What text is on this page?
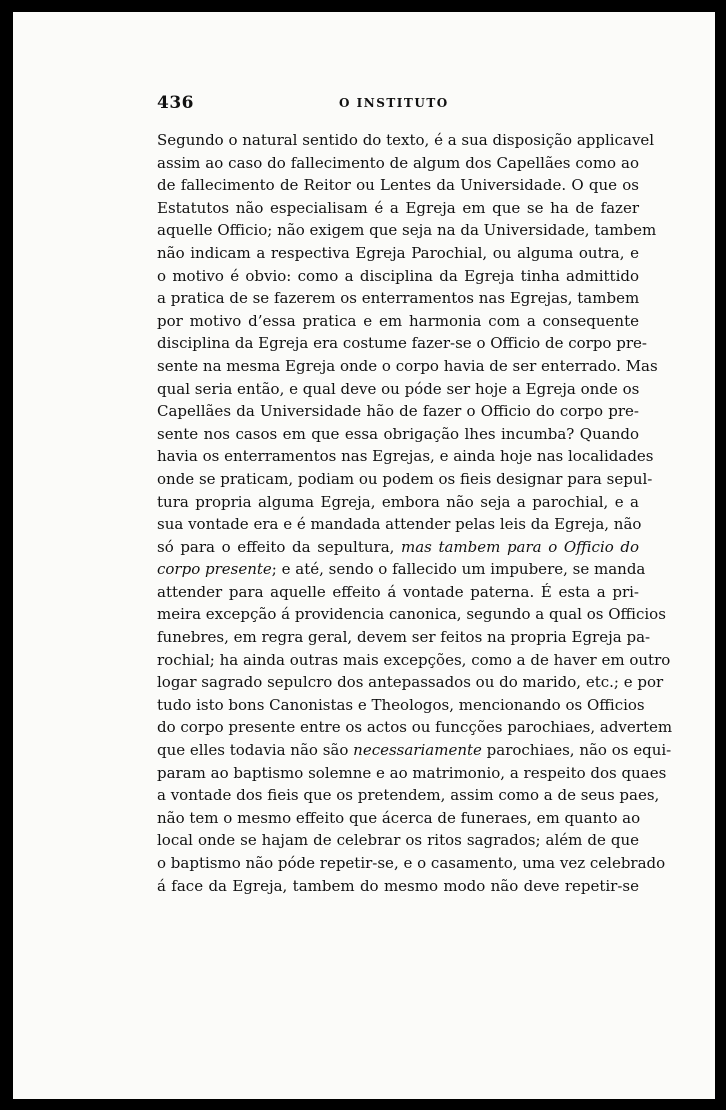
436	O INSTITUTO
Segundo o natural sentido do texto, é a sua disposição applicavel
assim ao caso do fallecimento de algum dos Capellães como ao
de fallecimento de Reitor ou Lentes da Universidade. O que os
Estatutos não especialisam é a Egreja em que se ha de fazer
aquelle Officio; não exigem que seja na da Universidade, tambem
não indicam a respectiva Egreja Parochial, ou alguma outra, e
o motivo é obvio: como a disciplina da Egreja tinha admittido
a pratica de se fazerem os enterramentos nas Egrejas, tambem
por motivo d’essa pratica e em harmonia com a consequente
disciplina da Egreja era costume fazer-se o Officio de corpo pre-
sente na mesma Egreja onde o corpo havia de ser enterrado. Mas
qual seria então, e qual deve ou póde ser hoje a Egreja onde os
Capellães da Universidade hão de fazer o Officio do corpo pre-
sente nos casos em que essa obrigação lhes incumba? Quando
havia os enterramentos nas Egrejas, e ainda hoje nas localidades
onde se praticam, podiam ou podem os fieis designar para sepul-
tura propria alguma Egreja, embora não seja a parochial, e a
sua vontade era e é mandada attender pelas leis da Egreja, não
só para o effeito da sepultura, mas tambem para o Officio do
corpo presente; e até, sendo o fallecido um impubere, se manda
attender para aquelle effeito á vontade paterna. É esta a pri-
meira excepção á providencia canonica, segundo a qual os Officios
funebres, em regra geral, devem ser feitos na propria Egreja pa-
rochial; ha ainda outras mais excepções, como a de haver em outro
logar sagrado sepulcro dos antepassados ou do marido, etc.; e por
tudo isto bons Canonistas e Theologos, mencionando os Officios
do corpo presente entre os actos ou funcções parochiaes, advertem
que elles todavia não são necessariamente parochiaes, não os equi-
param ao baptismo solemne e ao matrimonio, a respeito dos quaes
a vontade dos fieis que os pretendem, assim como a de seus paes,
não tem o mesmo effeito que ácerca de funeraes, em quanto ao
local onde se hajam de celebrar os ritos sagrados; além de que
o baptismo não póde repetir-se, e o casamento, uma vez celebrado
á face da Egreja, tambem do mesmo modo não deve repetir-se
